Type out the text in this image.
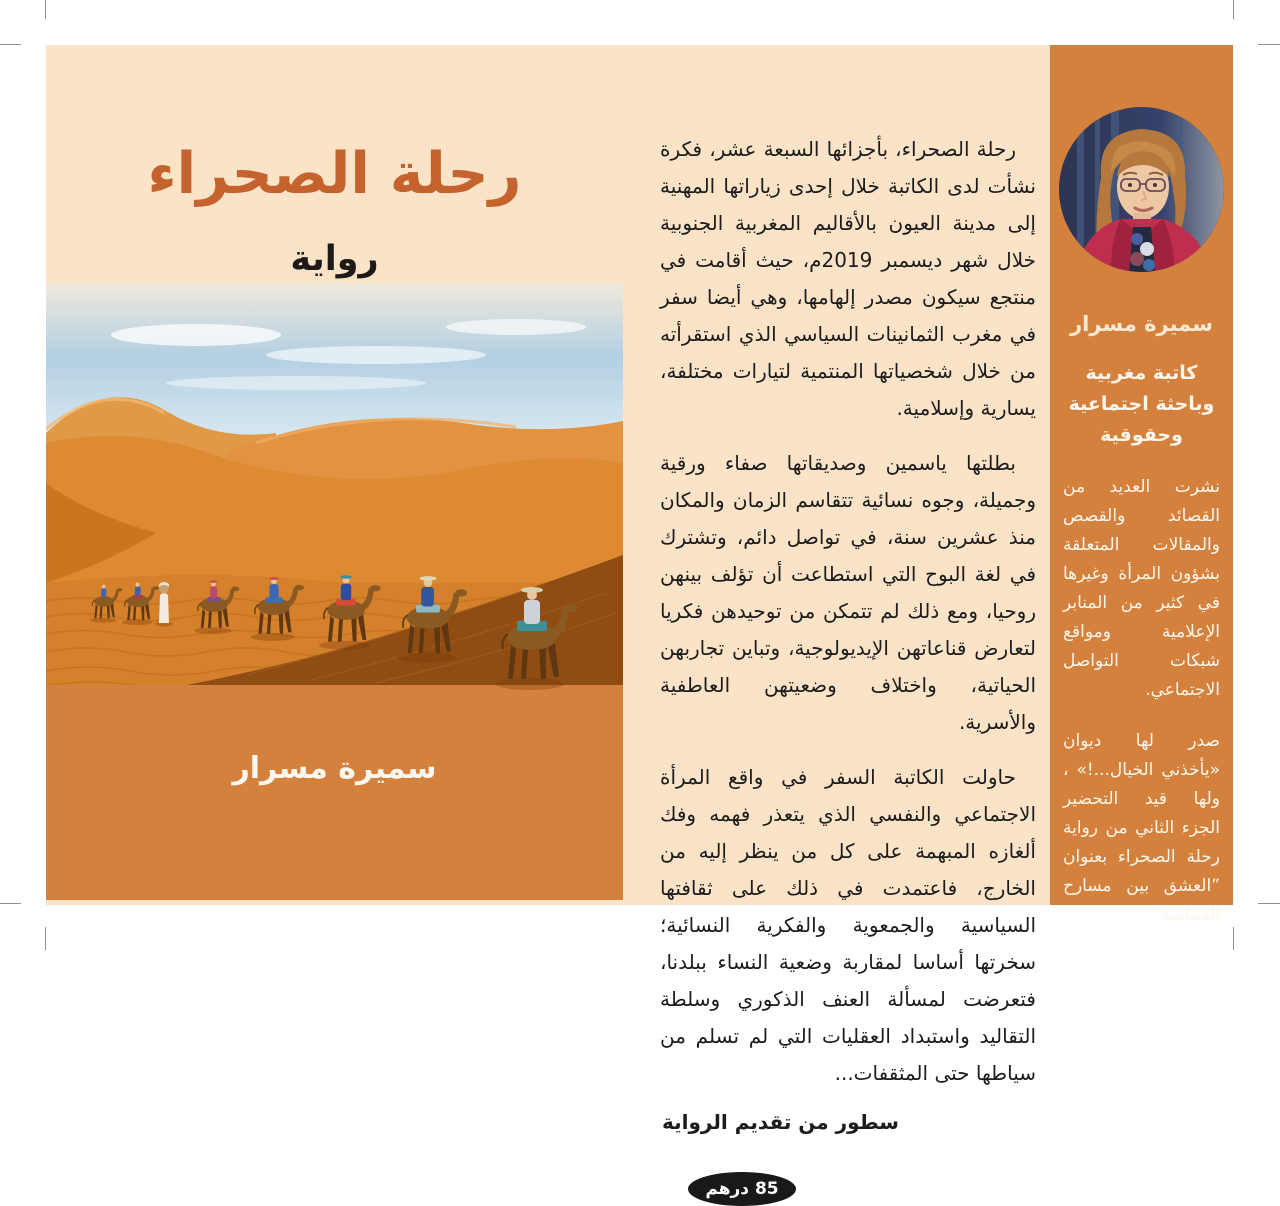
رحلة الصحراء
رواية
سميرة مسرار

رحلة الصحراء، بأجزائها السبعة عشر، فكرة نشأت لدى الكاتبة خلال إحدى زياراتها المهنية إلى مدينة العيون بالأقاليم المغربية الجنوبية خلال شهر ديسمبر 2019م، حيث أقامت في منتجع سيكون مصدر إلهامها، وهي أيضا سفر في مغرب الثمانينات السياسي الذي استقرأته من خلال شخصياتها المنتمية لتيارات مختلفة، يسارية وإسلامية.

بطلتها ياسمين وصديقاتها صفاء ورقية وجميلة، وجوه نسائية تتقاسم الزمان والمكان منذ عشرين سنة، في تواصل دائم، وتشترك في لغة البوح التي استطاعت أن تؤلف بينهن روحيا، ومع ذلك لم تتمكن من توحيدهن فكريا لتعارض قناعاتهن الإيديولوجية، وتباين تجاربهن الحياتية، واختلاف وضعيتهن العاطفية والأسرية.

حاولت الكاتبة السفر في واقع المرأة الاجتماعي والنفسي الذي يتعذر فهمه وفك ألغازه المبهمة على كل من ينظر إليه من الخارج، فاعتمدت في ذلك على ثقافتها السياسية والجمعوية والفكرية النسائية؛ سخرتها أساسا لمقاربة وضعية النساء ببلدنا، فتعرضت لمسألة العنف الذكوري وسلطة التقاليد واستبداد العقليات التي لم تسلم من سياطها حتى المثقفات...

سطور من تقديم الرواية
85 درهم
سميرة مسرار
كاتبة مغربية وباحثة اجتماعية وحقوقية

نشرت العديد من القصائد والقصص والمقالات المتعلقة بشؤون المرأة وغيرها في كثير من المنابر الإعلامية ومواقع شبكات التواصل الاجتماعي.

صدر لها ديوان «يأخذني الخيال...!» ، ولها قيد التحضير الجزء الثاني من رواية رحلة الصحراء بعنوان ”العشق بين مسارح السياسة“
